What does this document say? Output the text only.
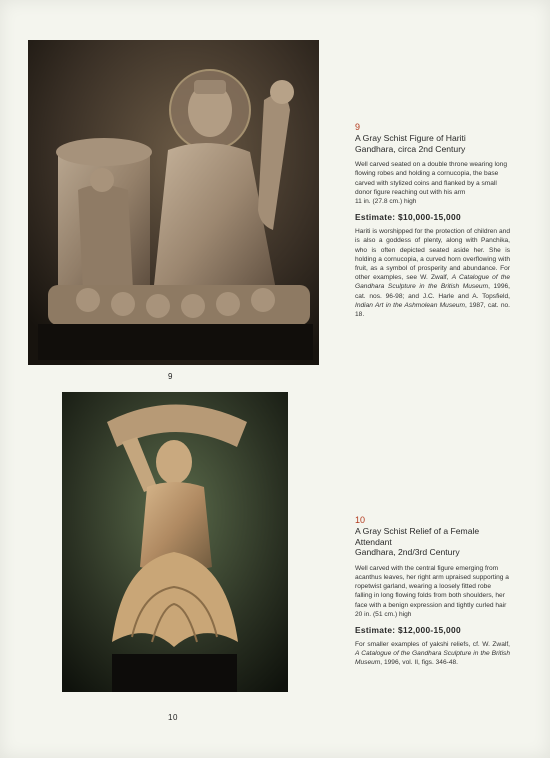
9
9
A Gray Schist Figure of Hariti
Gandhara, circa 2nd Century
Well carved seated on a double throne wearing long flowing robes and holding a cornucopia, the base carved with stylized coins and flanked by a small donor figure reaching out with his arm
11 in. (27.8 cm.) high
Estimate: $10,000-15,000
Hariti is worshipped for the protection of children and is also a goddess of plenty, along with Panchika, who is often depicted seated aside her. She is holding a cornucopia, a curved horn overflowing with fruit, as a symbol of prosperity and abundance. For other examples, see W. Zwalf, A Catalogue of the Gandhara Sculpture in the British Museum, 1996, cat. nos. 96-98; and J.C. Harle and A. Topsfield, Indian Art in the Ashmolean Museum, 1987, cat. no. 18.
10
10
A Gray Schist Relief of a Female
Attendant
Gandhara, 2nd/3rd Century
Well carved with the central figure emerging from acanthus leaves, her right arm upraised supporting a ropetwist garland, wearing a loosely fitted robe falling in long flowing folds from both shoulders, her face with a benign expression and tightly curled hair
20 in. (51 cm.) high
Estimate: $12,000-15,000
For smaller examples of yakshi reliefs, cf. W. Zwalf, A Catalogue of the Gandhara Sculpture in the British Museum, 1996, vol. II, figs. 346-48.
